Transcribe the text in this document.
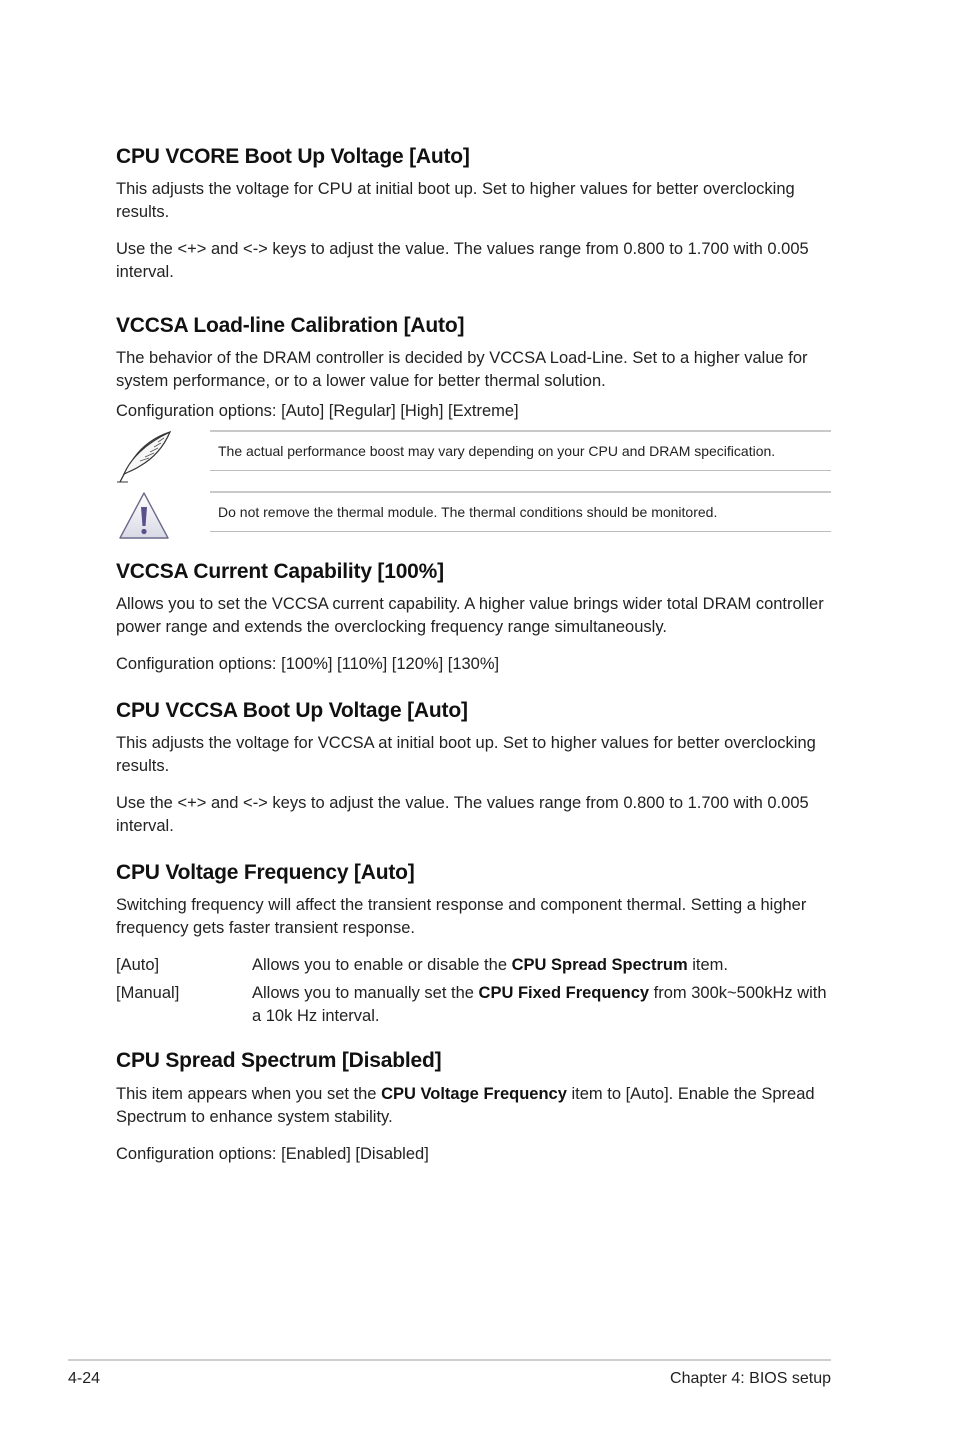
CPU VCORE Boot Up Voltage [Auto]
This adjusts the voltage for CPU at initial boot up. Set to higher values for better overclocking results.
Use the <+> and <-> keys to adjust the value. The values range from 0.800 to 1.700 with 0.005 interval.
VCCSA Load-line Calibration [Auto]
The behavior of the DRAM controller is decided by VCCSA Load-Line. Set to a higher value for system performance, or to a lower value for better thermal solution.
Configuration options: [Auto] [Regular] [High] [Extreme]
The actual performance boost may vary depending on your CPU and DRAM specification.
Do not remove the thermal module. The thermal conditions should be monitored.
VCCSA Current Capability [100%]
Allows you to set the VCCSA current capability. A higher value brings wider total DRAM controller power range and extends the overclocking frequency range simultaneously.
Configuration options: [100%] [110%] [120%] [130%]
CPU VCCSA Boot Up Voltage [Auto]
This adjusts the voltage for VCCSA at initial boot up. Set to higher values for better overclocking results.
Use the <+> and <-> keys to adjust the value. The values range from 0.800 to 1.700 with 0.005 interval.
CPU Voltage Frequency [Auto]
Switching frequency will affect the transient response and component thermal. Setting a higher frequency gets faster transient response.
[Auto]	Allows you to enable or disable the CPU Spread Spectrum item.
[Manual]	Allows you to manually set the CPU Fixed Frequency from 300k~500kHz with a 10k Hz interval.
CPU Spread Spectrum [Disabled]
This item appears when you set the CPU Voltage Frequency item to [Auto]. Enable the Spread Spectrum to enhance system stability.
Configuration options: [Enabled] [Disabled]
4-24	Chapter 4: BIOS setup
